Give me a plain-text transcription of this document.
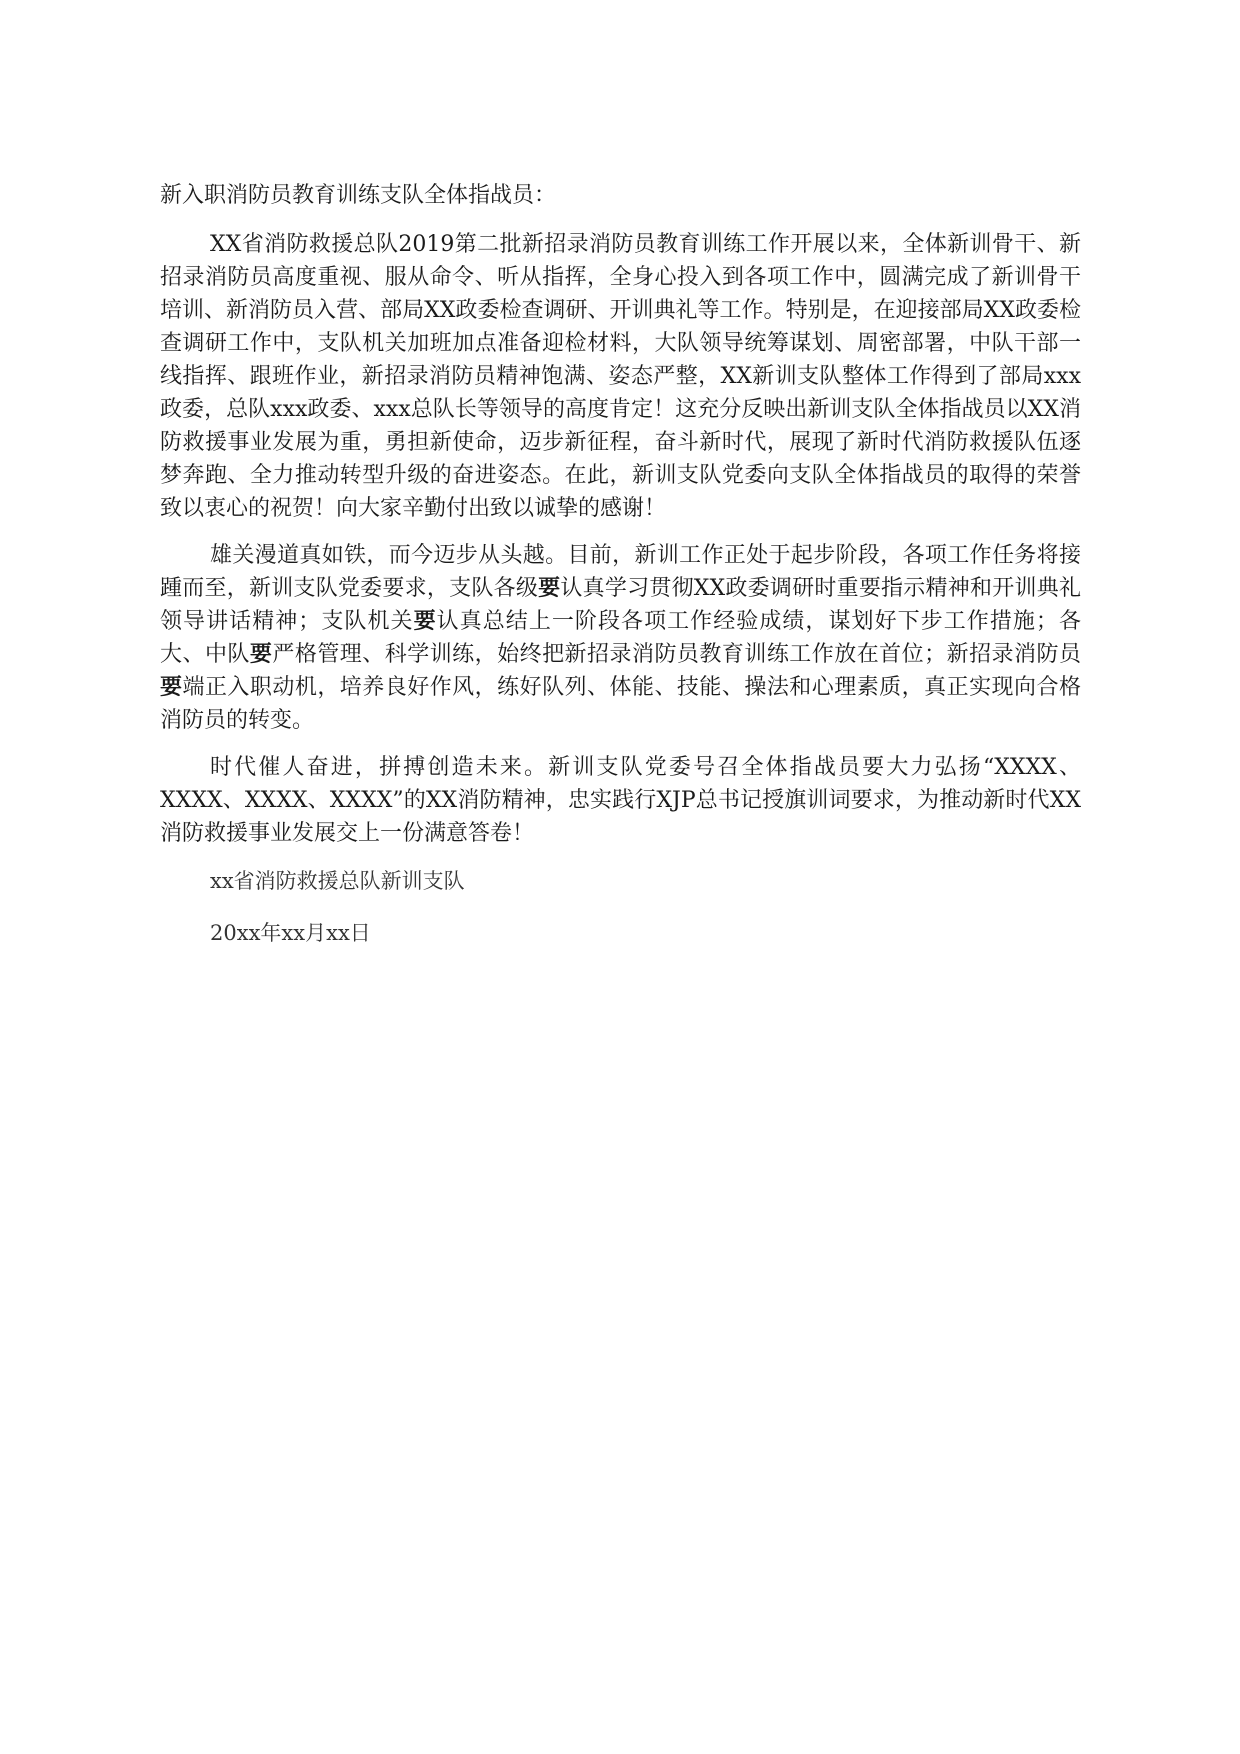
新入职消防员教育训练支队全体指战员：

XX省消防救援总队2019第二批新招录消防员教育训练工作开展以来，全体新训骨干、新招录消防员高度重视、服从命令、听从指挥，全身心投入到各项工作中，圆满完成了新训骨干培训、新消防员入营、部局XX政委检查调研、开训典礼等工作。特别是，在迎接部局XX政委检查调研工作中，支队机关加班加点准备迎检材料，大队领导统筹谋划、周密部署，中队干部一线指挥、跟班作业，新招录消防员精神饱满、姿态严整，XX新训支队整体工作得到了部局xxx政委，总队xxx政委、xxx总队长等领导的高度肯定！这充分反映出新训支队全体指战员以XX消防救援事业发展为重，勇担新使命，迈步新征程，奋斗新时代，展现了新时代消防救援队伍逐梦奔跑、全力推动转型升级的奋进姿态。在此，新训支队党委向支队全体指战员的取得的荣誉致以衷心的祝贺！向大家辛勤付出致以诚挚的感谢！

雄关漫道真如铁，而今迈步从头越。目前，新训工作正处于起步阶段，各项工作任务将接踵而至，新训支队党委要求，支队各级要认真学习贯彻XX政委调研时重要指示精神和开训典礼领导讲话精神；支队机关要认真总结上一阶段各项工作经验成绩，谋划好下步工作措施；各大、中队要严格管理、科学训练，始终把新招录消防员教育训练工作放在首位；新招录消防员要端正入职动机，培养良好作风，练好队列、体能、技能、操法和心理素质，真正实现向合格消防员的转变。

时代催人奋进，拼搏创造未来。新训支队党委号召全体指战员要大力弘扬“XXXX、XXXX、XXXX、XXXX”的XX消防精神，忠实践行XJP总书记授旗训词要求，为推动新时代XX消防救援事业发展交上一份满意答卷！

xx省消防救援总队新训支队
20xx年xx月xx日
